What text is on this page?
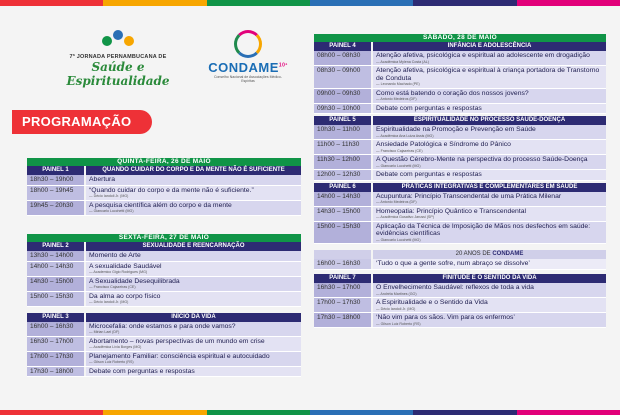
7ª JORNADA PERNAMBUCANA DE
Saúde e Espiritualidade
$CONDAME^{10ª}$
Conselho Nacional de Associações Médico-Espíritas
PROGRAMAÇÃO
QUINTA-FEIRA, 26 DE MAIO
PAINEL 1	QUANDO CUIDAR DO CORPO E DA MENTE NÃO É SUFICIENTE
18h30 – 19h00	Abertura
18h00 – 19h45	“Quando cuidar do corpo e da mente não é suficiente.”
— Décio Iandoli Jr. (MG)
19h45 – 20h30	A pesquisa científica além do corpo e da mente
— Giancarlo Lucchetti (MG)
SEXTA-FEIRA, 27 DE MAIO
PAINEL 2	SEXUALIDADE E REENCARNAÇÃO
13h30 – 14h00	Momento de Arte
14h00 – 14h30	A sexualidade Saudável
— Academico Gigio Rodrigues (MG)
14h30 – 15h00	A Sexualidade Desequilibrada
— Francisco Cajazeiras (CE)
15h00 – 15h30	Da alma ao corpo físico
— Décio Iandoli Jr. (MG)
PAINEL 3	INÍCIO DA VIDA
16h00 – 16h30	Microcefalia: onde estamos e para onde vamos?
— Mirian Lael (DF)
16h30 – 17h00	Abortamento – novas perspectivas de um mundo em crise
— Acadêmica Lívia Borges (MG)
17h00 – 17h30	Planejamento Familiar: consciência espiritual e autocuidado
— Gilson Luiz Roberto (RS)
17h30 – 18h00	Debate com perguntas e respostas
SÁBADO, 28 DE MAIO
PAINEL 4	INFÂNCIA E ADOLESCÊNCIA
08h00 – 08h30	Atenção afetiva, psicológica e espiritual ao adolescente em drogadição
— Acadêmica Mylena Costa (AL)
08h30 – 09h00	Atenção afetiva, psicológica e espiritual à criança portadora de Transtorno de Conduta
— Leonardo Machado (PE)
09h00 – 09h30	Como está batendo o coração dos nossos jovens?
— Antonio Medeiros (DF)
09h30 – 10h00	Debate com perguntas e respostas
PAINEL 5	ESPIRITUALIDADE NO PROCESSO SAÚDE-DOENÇA
10h30 – 11h00	Espiritualidade na Promoção e Prevenção em Saúde
— Acadêmica Ana Luiza Assis (MG)
11h00 – 11h30	Ansiedade Patológica e Síndrome do Pânico
— Francisco Cajazeiras (CE)
11h30 – 12h00	A Questão Cérebro-Mente na perspectiva do processo Saúde-Doença
— Giancarlo Lucchetti (MG)
12h00 – 12h30	Debate com perguntas e respostas
PAINEL 6	PRÁTICAS INTEGRATIVAS E COMPLEMENTARES EM SAÚDE
14h00 – 14h30	Acupuntura: Princípio Transcendental de uma Prática Milenar
— Antonio Medeiros (DF)
14h30 – 15h00	Homeopatia: Princípio Quântico e Transcendental
— Acadêmica Gusativo Jarussi (SP)
15h00 – 15h30	Aplicação da Técnica de Imposição de Mãos nos desfechos em saúde: evidências científicas
— Giancarlo Lucchetti (MG)
20 ANOS DE CONDAME
16h00 – 16h30	‘Tudo o que a gente sofre, num abraço se dissolve’
PAINEL 7	FINITUDE E O SENTIDO DA VIDA
16h30 – 17h00	O Envelhecimento Saudável: reflexos de toda a vida
— Andréia Martines (GO)
17h00 – 17h30	A Espiritualidade e o Sentido da Vida
— Décio Iandoli Jr. (MG)
17h30 – 18h00	‘Não vim para os sãos. Vim para os enfermos’
— Gilson Luiz Roberto (RS)
